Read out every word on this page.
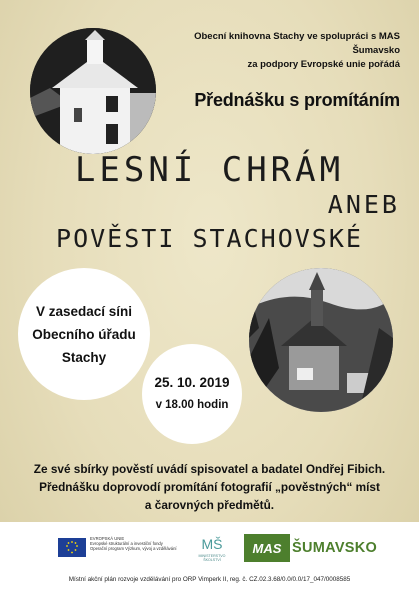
Obecní knihovna Stachy ve spolupráci s MAS Šumavsko
za podpory Evropské unie pořádá
Přednášku s promítáním
LESNÍ CHRÁM
ANEB
POVĚSTI STACHOVSKÉ
V zasedací síni
Obecního úřadu
Stachy
25. 10. 2019
v 18.00 hodin
Ze své sbírky pověstí uvádí spisovatel a badatel Ondřej Fibich.
Přednášku doprovodí promítání fotografií „pověstných“ míst
a čarovných předmětů.
EVROPSKÁ UNIE
Evropské strukturální a investiční fondy
Operační program Výzkum, vývoj a vzdělávání	MŠ
MINISTERSTVO ŠKOLSTVÍ
MAS ŠUMAVSKO
Místní akční plán rozvoje vzdělávání pro ORP Vimperk II, reg. č. CZ.02.3.68/0.0/0.0/17_047/0008585
